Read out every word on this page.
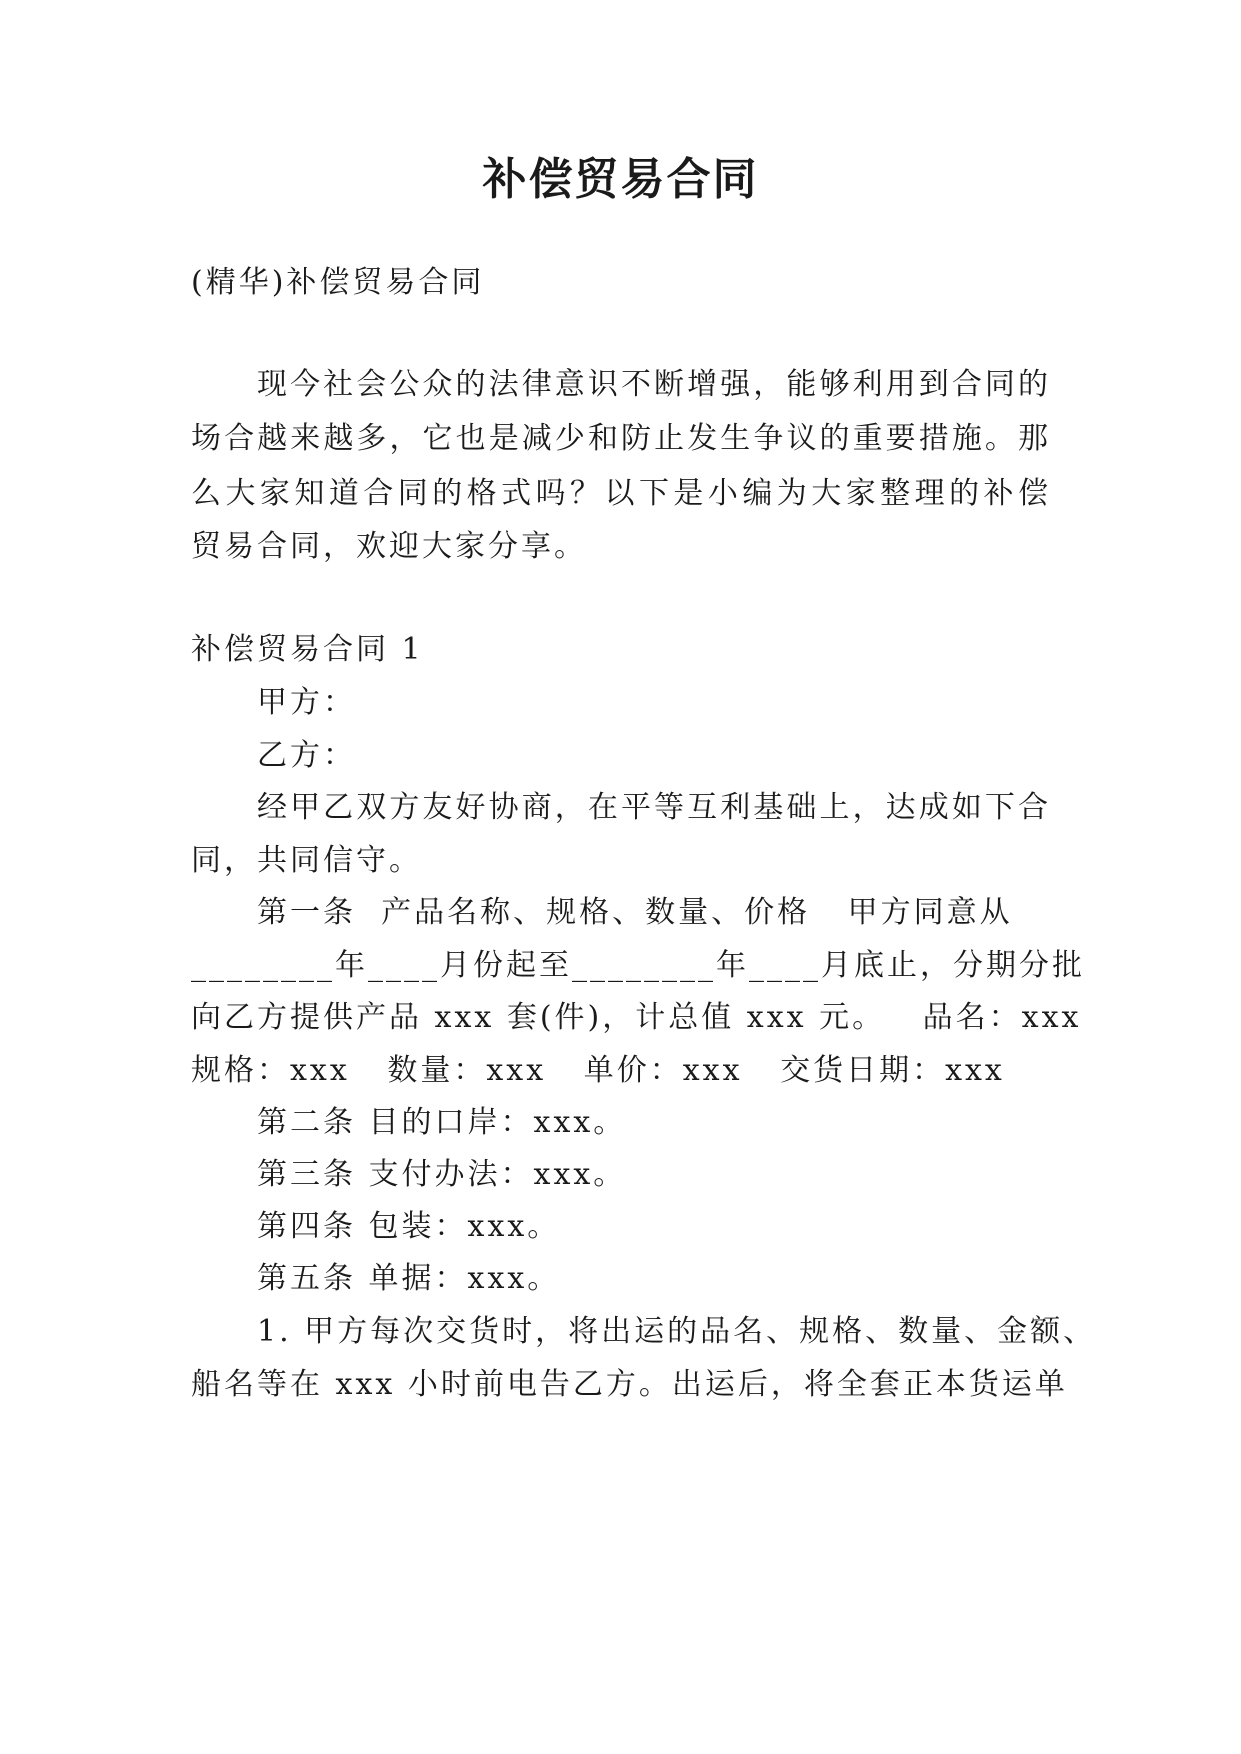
补偿贸易合同
(精华)补偿贸易合同
现今社会公众的法律意识不断增强，能够利用到合同的
场合越来越多，它也是减少和防止发生争议的重要措施。那
么大家知道合同的格式吗？以下是小编为大家整理的补偿
贸易合同，欢迎大家分享。
补偿贸易合同 1
甲方：
乙方：
经甲乙双方友好协商，在平等互利基础上，达成如下合
同，共同信守。
第一条  产品名称、规格、数量、价格   甲方同意从
________年____月份起至________年____月底止，分期分批
向乙方提供产品 xxx 套(件)，计总值 xxx 元。   品名：xxx
规格：xxx   数量：xxx   单价：xxx   交货日期：xxx
第二条 目的口岸：xxx。
第三条 支付办法：xxx。
第四条 包装：xxx。
第五条 单据：xxx。
1. 甲方每次交货时，将出运的品名、规格、数量、金额、
船名等在 xxx 小时前电告乙方。出运后，将全套正本货运单
